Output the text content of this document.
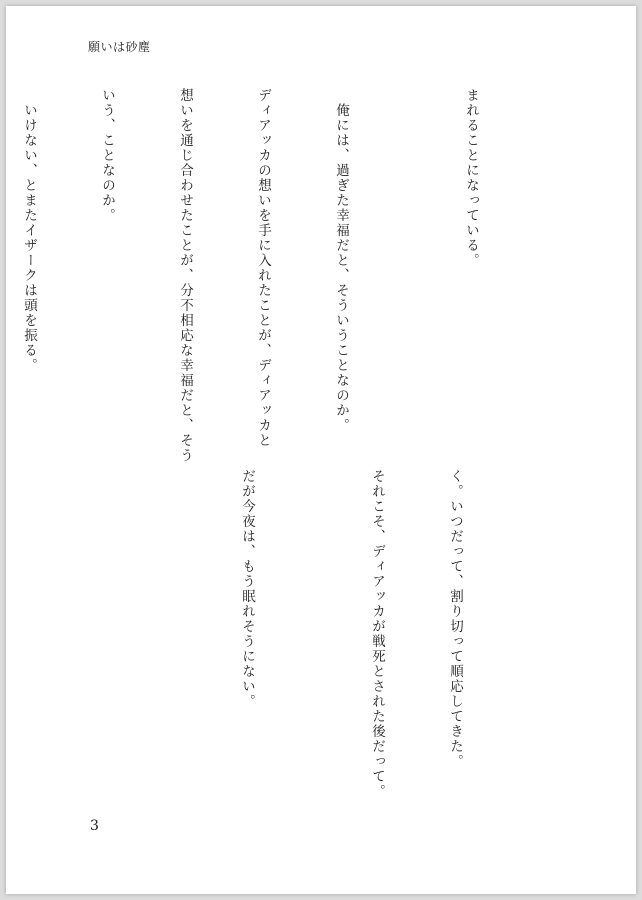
願いは砂塵

まれることになっている。

　俺には、過ぎた幸福だと、そういうことなのか。

ディアッカの想いを手に入れたことが、ディアッカと

想いを通じ合わせたことが、分不相応な幸福だと、そう

いう、ことなのか。

　いけない、とまたイザークは頭を振る。

く。いつだって、割り切って順応してきた。

それこそ、ディアッカが戦死とされた後だって。

だが今夜は、もう眠れそうにない。

3
